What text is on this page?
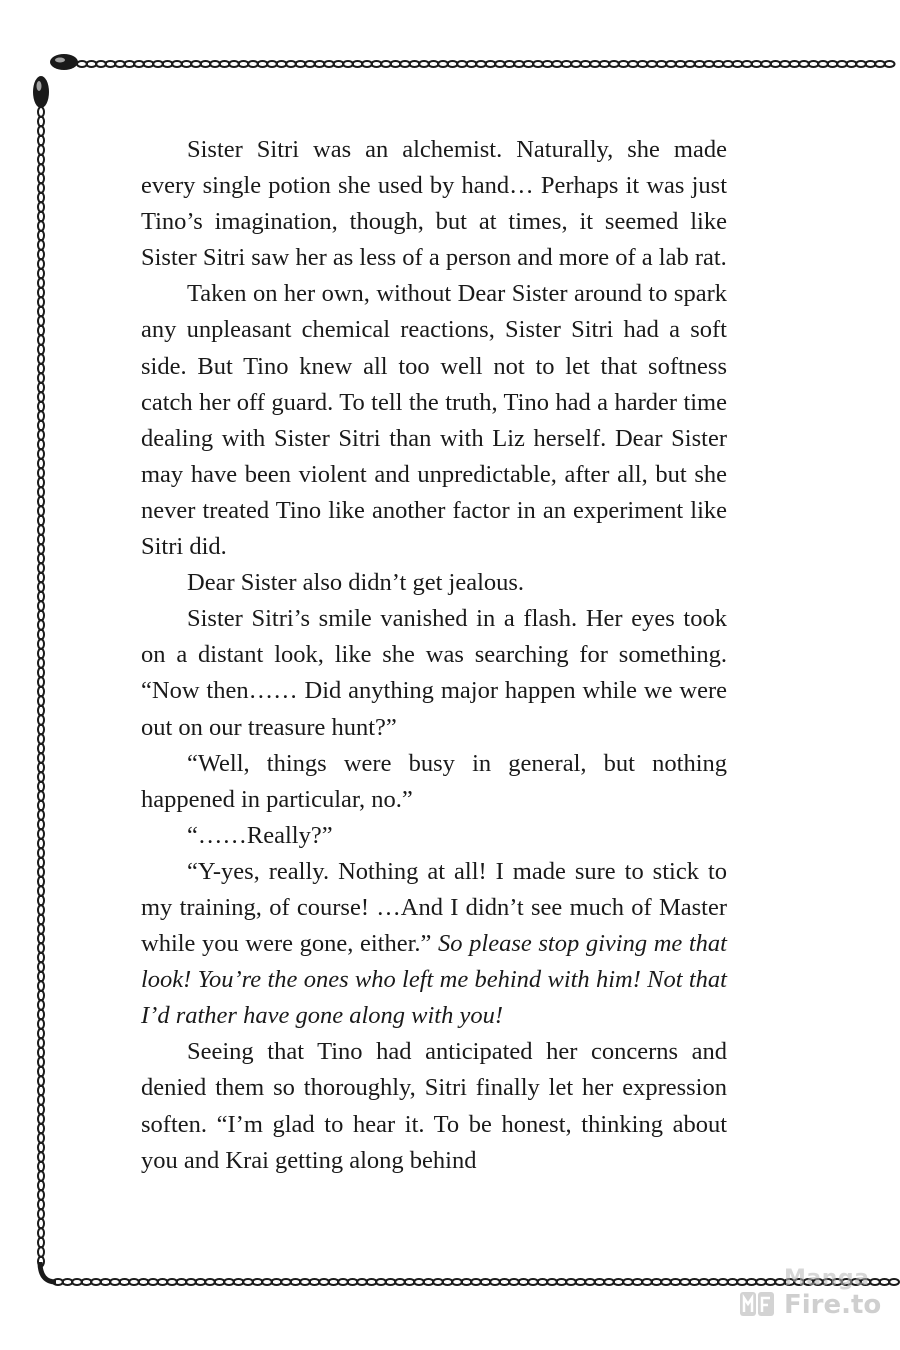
Sister Sitri was an alchemist. Naturally, she made every single potion she used by hand… Perhaps it was just Tino’s imagination, though, but at times, it seemed like Sister Sitri saw her as less of a person and more of a lab rat.

Taken on her own, without Dear Sister around to spark any unpleasant chemical reactions, Sister Sitri had a soft side. But Tino knew all too well not to let that softness catch her off guard. To tell the truth, Tino had a harder time dealing with Sister Sitri than with Liz herself. Dear Sister may have been violent and unpredictable, after all, but she never treated Tino like another factor in an experiment like Sitri did.

Dear Sister also didn’t get jealous.

Sister Sitri’s smile vanished in a flash. Her eyes took on a distant look, like she was searching for something. “Now then…… Did anything major happen while we were out on our treasure hunt?”

“Well, things were busy in general, but nothing happened in particular, no.”

“……Really?”

“Y-yes, really. Nothing at all! I made sure to stick to my training, of course! …And I didn’t see much of Master while you were gone, either.” So please stop giving me that look! You’re the ones who left me behind with him! Not that I’d rather have gone along with you!

Seeing that Tino had anticipated her concerns and denied them so thoroughly, Sitri finally let her expression soften. “I’m glad to hear it. To be honest, thinking about you and Krai getting along behind

Manga
Fire.to
